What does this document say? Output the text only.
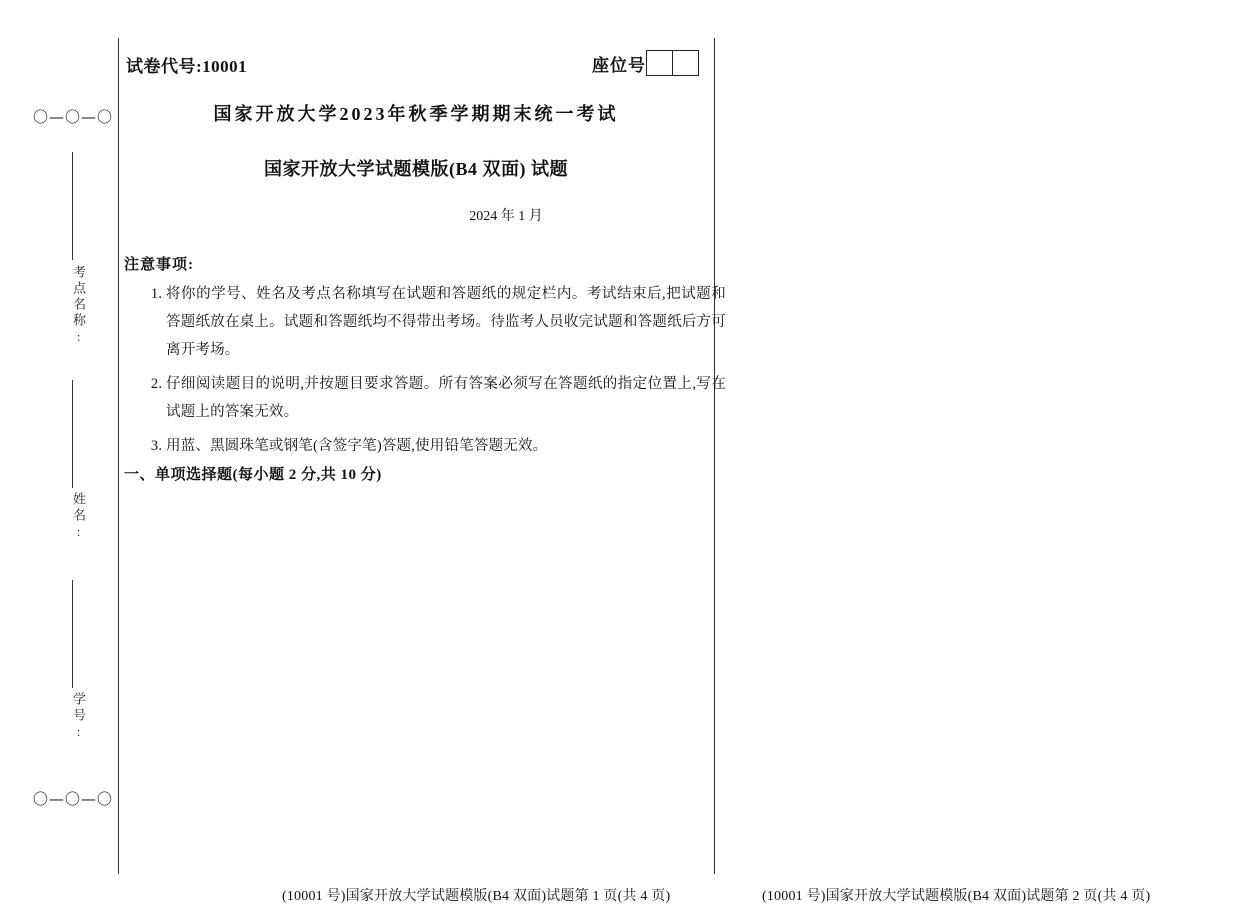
〇—〇—〇
考点名称:
姓名:
学号:
〇—〇—〇
试卷代号:10001	座位号
国家开放大学2023年秋季学期期末统一考试
国家开放大学试题模版(B4 双面) 试题
2024 年 1 月
注意事项:
1. 将你的学号、姓名及考点名称填写在试题和答题纸的规定栏内。考试结束后,把试题和答题纸放在桌上。试题和答题纸均不得带出考场。待监考人员收完试题和答题纸后方可离开考场。
2. 仔细阅读题目的说明,并按题目要求答题。所有答案必须写在答题纸的指定位置上,写在试题上的答案无效。
3. 用蓝、黑圆珠笔或钢笔(含签字笔)答题,使用铅笔答题无效。
一、单项选择题(每小题 2 分,共 10 分)
(10001 号)国家开放大学试题模版(B4 双面)试题第 1 页(共 4 页)	(10001 号)国家开放大学试题模版(B4 双面)试题第 2 页(共 4 页)
